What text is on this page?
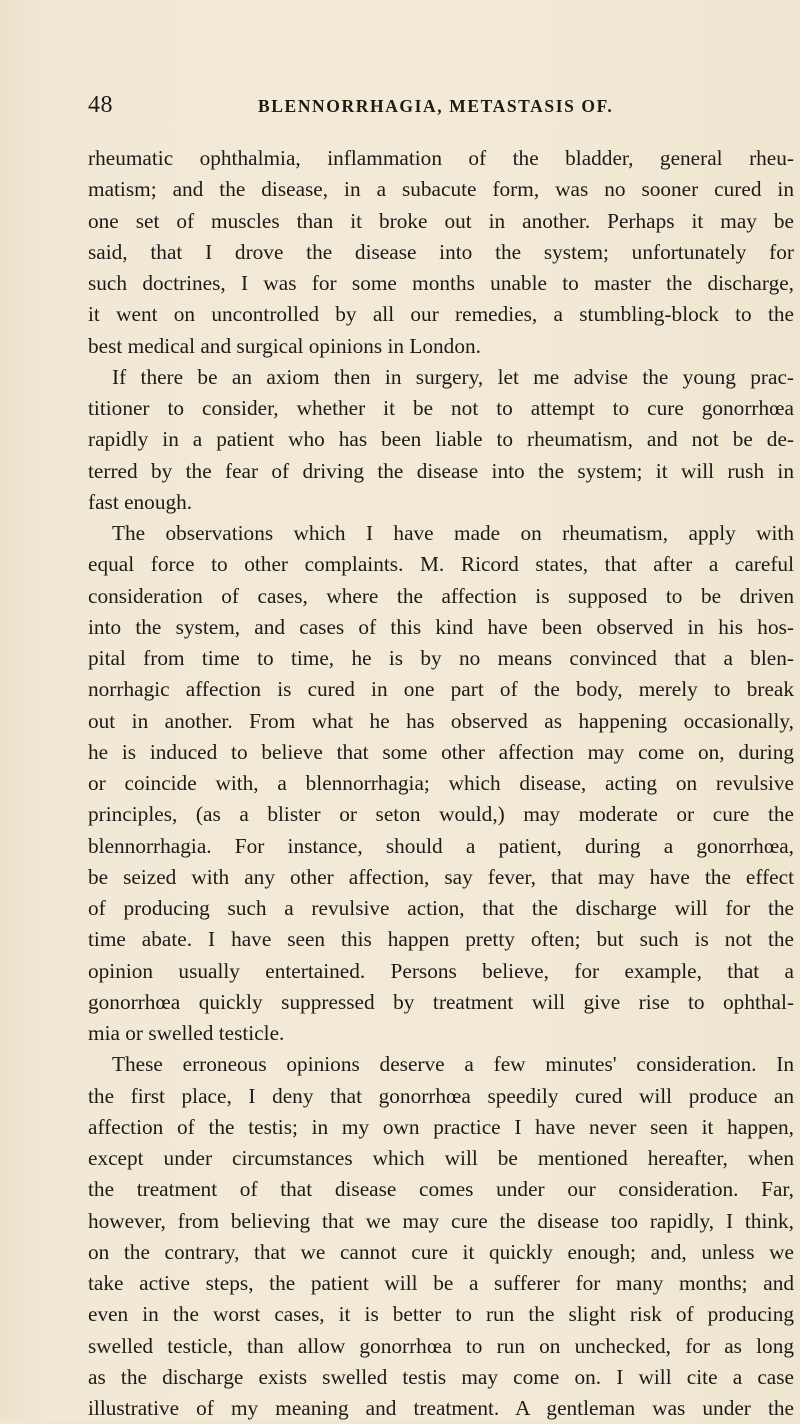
48	BLENNORRHAGIA, METASTASIS OF.
rheumatic ophthalmia, inflammation of the bladder, general rheu-
matism; and the disease, in a subacute form, was no sooner cured in
one set of muscles than it broke out in another. Perhaps it may be
said, that I drove the disease into the system; unfortunately for
such doctrines, I was for some months unable to master the discharge,
it went on uncontrolled by all our remedies, a stumbling-block to the
best medical and surgical opinions in London.
If there be an axiom then in surgery, let me advise the young prac-
titioner to consider, whether it be not to attempt to cure gonorrhœa
rapidly in a patient who has been liable to rheumatism, and not be de-
terred by the fear of driving the disease into the system; it will rush in
fast enough.
The observations which I have made on rheumatism, apply with
equal force to other complaints. M. Ricord states, that after a careful
consideration of cases, where the affection is supposed to be driven
into the system, and cases of this kind have been observed in his hos-
pital from time to time, he is by no means convinced that a blen-
norrhagic affection is cured in one part of the body, merely to break
out in another. From what he has observed as happening occasionally,
he is induced to believe that some other affection may come on, during
or coincide with, a blennorrhagia; which disease, acting on revulsive
principles, (as a blister or seton would,) may moderate or cure the
blennorrhagia. For instance, should a patient, during a gonorrhœa,
be seized with any other affection, say fever, that may have the effect
of producing such a revulsive action, that the discharge will for the
time abate. I have seen this happen pretty often; but such is not the
opinion usually entertained. Persons believe, for example, that a
gonorrhœa quickly suppressed by treatment will give rise to ophthal-
mia or swelled testicle.
These erroneous opinions deserve a few minutes' consideration. In
the first place, I deny that gonorrhœa speedily cured will produce an
affection of the testis; in my own practice I have never seen it happen,
except under circumstances which will be mentioned hereafter, when
the treatment of that disease comes under our consideration. Far,
however, from believing that we may cure the disease too rapidly, I think,
on the contrary, that we cannot cure it quickly enough; and, unless we
take active steps, the patient will be a sufferer for many months; and
even in the worst cases, it is better to run the slight risk of producing
swelled testicle, than allow gonorrhœa to run on unchecked, for as long
as the discharge exists swelled testis may come on. I will cite a case
illustrative of my meaning and treatment. A gentleman was under the
